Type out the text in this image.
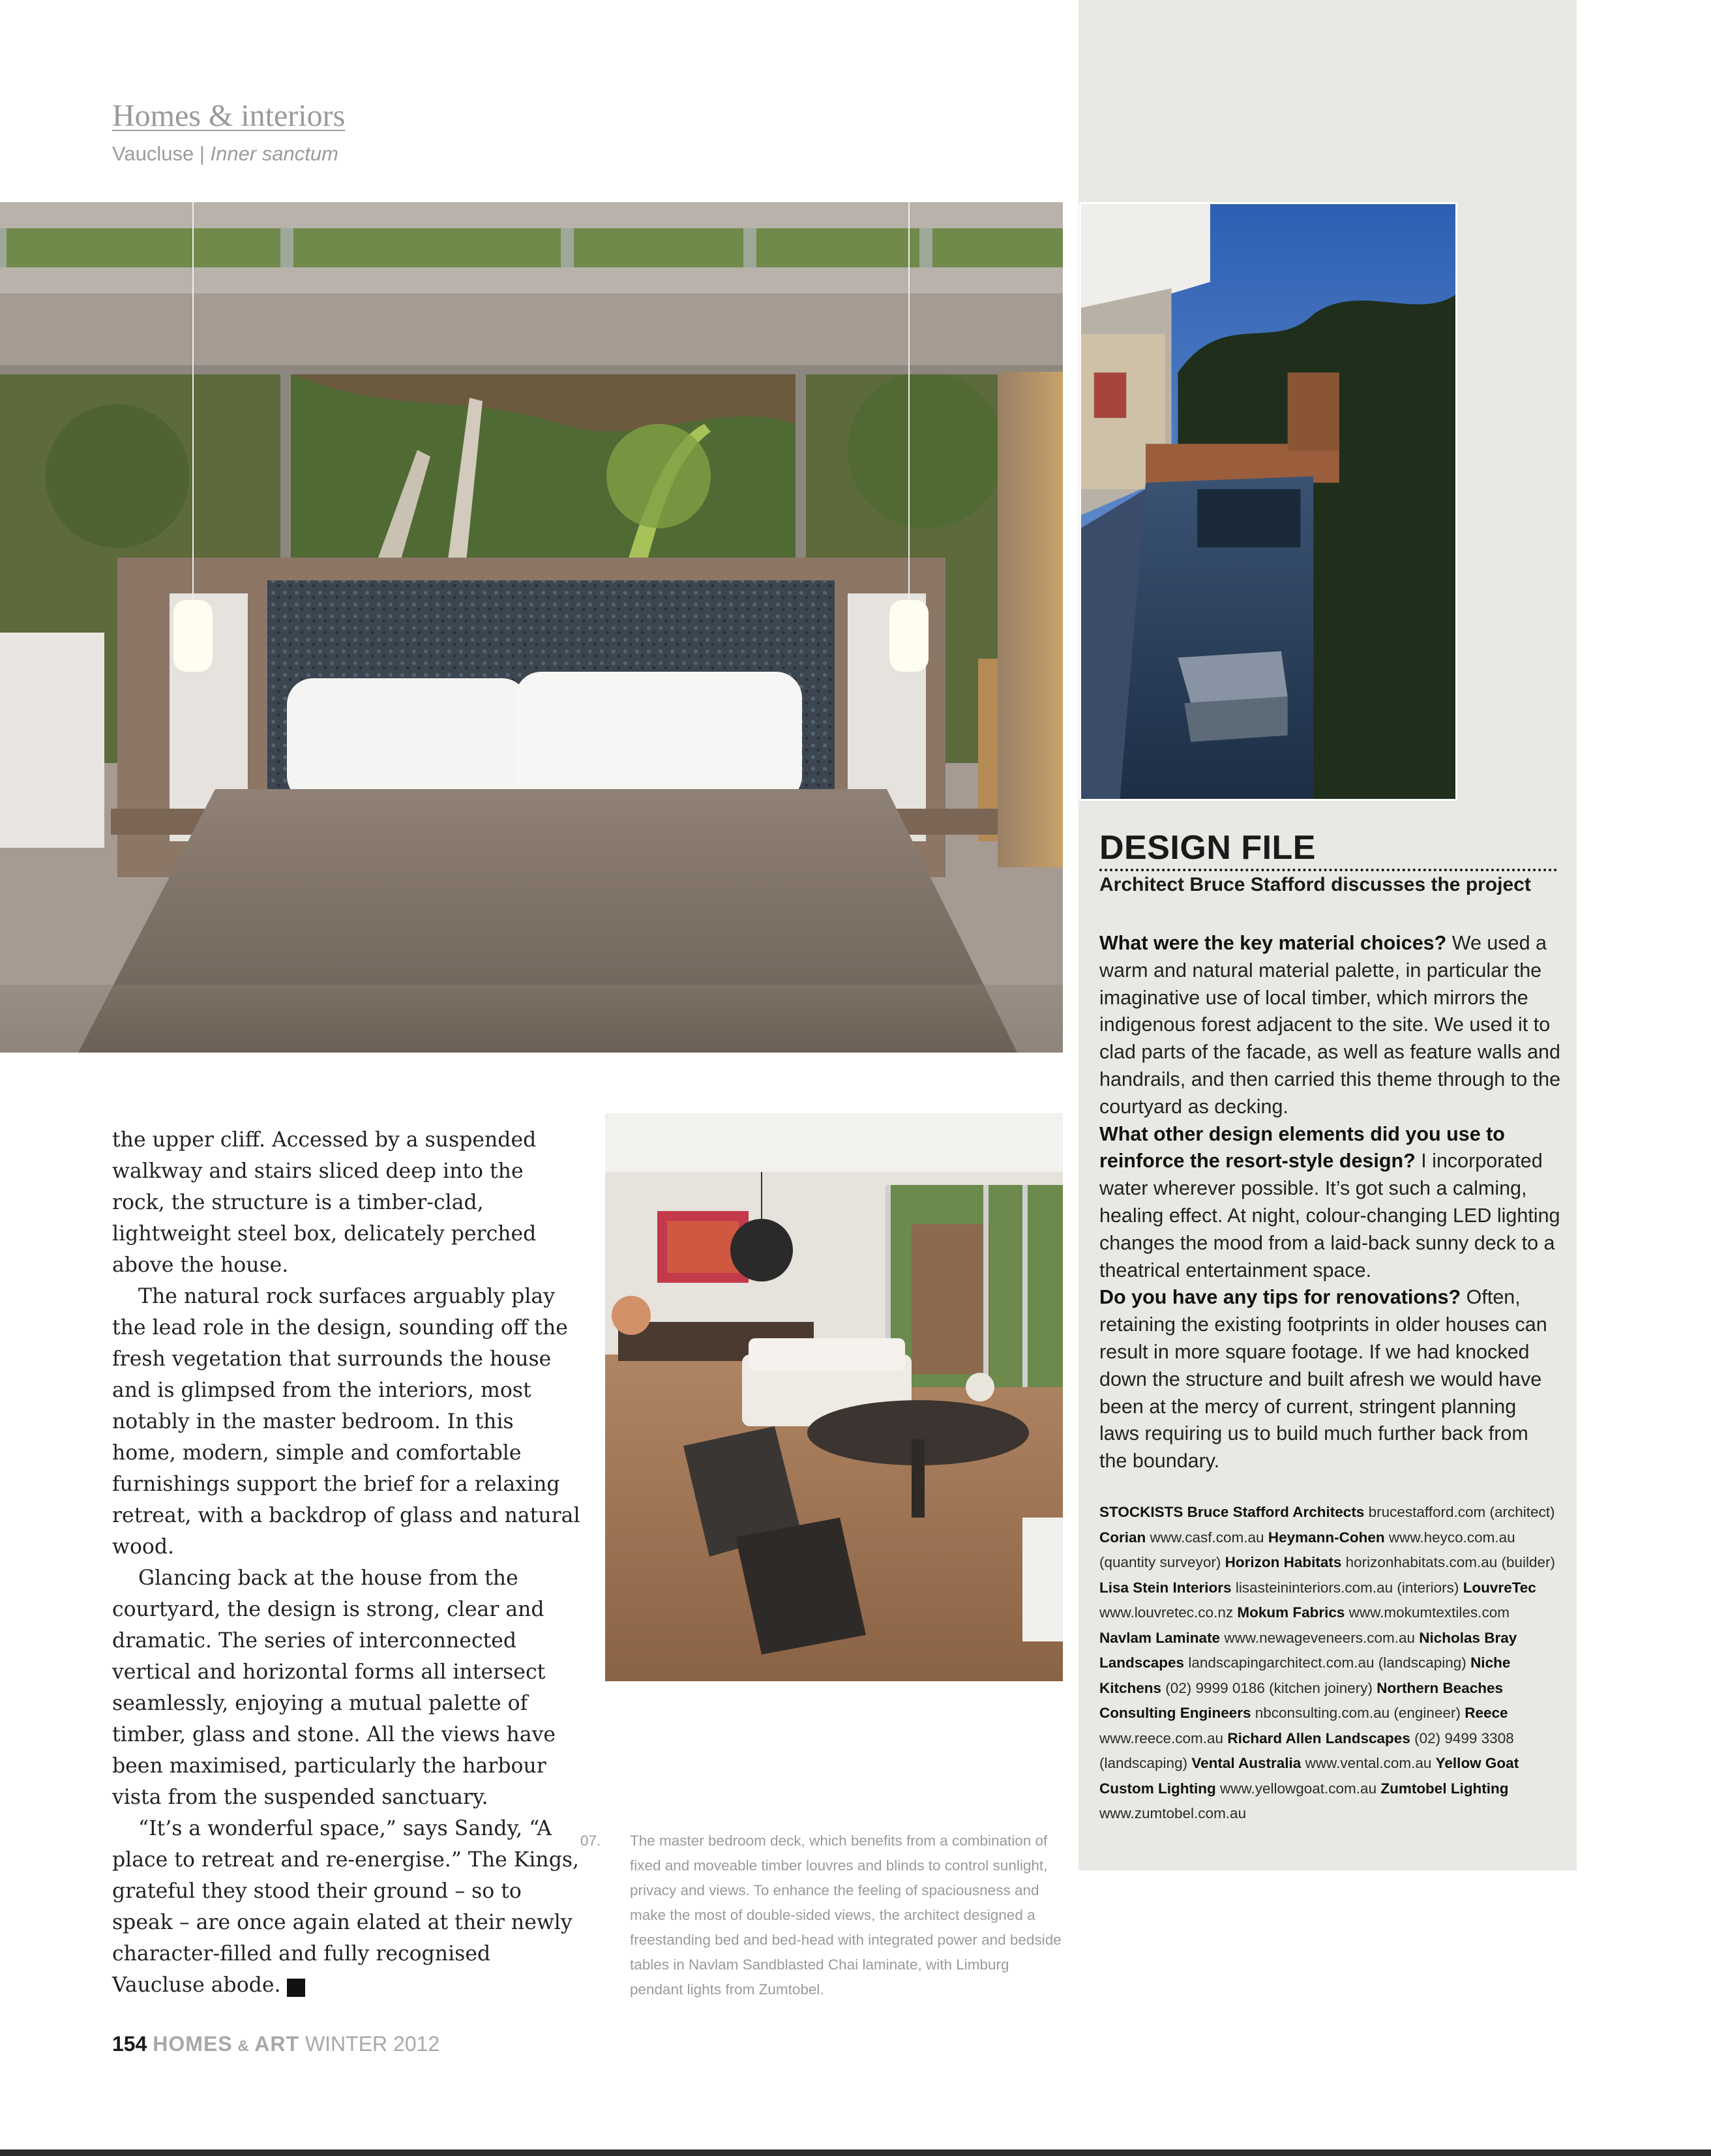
Homes & interiors
Vaucluse | Inner sanctum

the upper cliff. Accessed by a suspended walkway and stairs sliced deep into the rock, the structure is a timber-clad, lightweight steel box, delicately perched above the house.

The natural rock surfaces arguably play the lead role in the design, sounding off the fresh vegetation that surrounds the house and is glimpsed from the interiors, most notably in the master bedroom. In this home, modern, simple and comfortable furnishings support the brief for a relaxing retreat, with a backdrop of glass and natural wood.

Glancing back at the house from the courtyard, the design is strong, clear and dramatic. The series of interconnected vertical and horizontal forms all intersect seamlessly, enjoying a mutual palette of timber, glass and stone. All the views have been maximised, particularly the harbour vista from the suspended sanctuary.

“It’s a wonderful space,” says Sandy, “A place to retreat and re-energise.” The Kings, grateful they stood their ground – so to speak – are once again elated at their newly character-filled and fully recognised Vaucluse abode.	h&a

07. The master bedroom deck, which benefits from a combination of fixed and moveable timber louvres and blinds to control sunlight, privacy and views. To enhance the feeling of spaciousness and make the most of double-sided views, the architect designed a freestanding bed and bed-head with integrated power and bedside tables in Navlam Sandblasted Chai laminate, with Limburg pendant lights from Zumtobel.
DESIGN FILE
Architect Bruce Stafford discusses the project

What were the key material choices? We used a warm and natural material palette, in particular the imaginative use of local timber, which mirrors the indigenous forest adjacent to the site. We used it to clad parts of the facade, as well as feature walls and handrails, and then carried this theme through to the courtyard as decking.

What other design elements did you use to reinforce the resort-style design? I incorporated water wherever possible. It’s got such a calming, healing effect. At night, colour-changing LED lighting changes the mood from a laid-back sunny deck to a theatrical entertainment space.

Do you have any tips for renovations? Often, retaining the existing footprints in older houses can result in more square footage. If we had knocked down the structure and built afresh we would have been at the mercy of current, stringent planning laws requiring us to build much further back from the boundary.

STOCKISTS Bruce Stafford Architects brucestafford.com (architect) Corian www.casf.com.au Heymann-Cohen www.heyco.com.au (quantity surveyor) Horizon Habitats horizonhabitats.com.au (builder) Lisa Stein Interiors lisasteininteriors.com.au (interiors) LouvreTec www.louvretec.co.nz Mokum Fabrics www.mokumtextiles.com Navlam Laminate www.newageveneers.com.au Nicholas Bray Landscapes landscapingarchitect.com.au (landscaping) Niche Kitchens (02) 9999 0186 (kitchen joinery) Northern Beaches Consulting Engineers nbconsulting.com.au (engineer) Reece www.reece.com.au Richard Allen Landscapes (02) 9499 3308 (landscaping) Vental Australia www.vental.com.au Yellow Goat Custom Lighting www.yellowgoat.com.au Zumtobel Lighting www.zumtobel.com.au
154 HOMES & ART WINTER 2012
